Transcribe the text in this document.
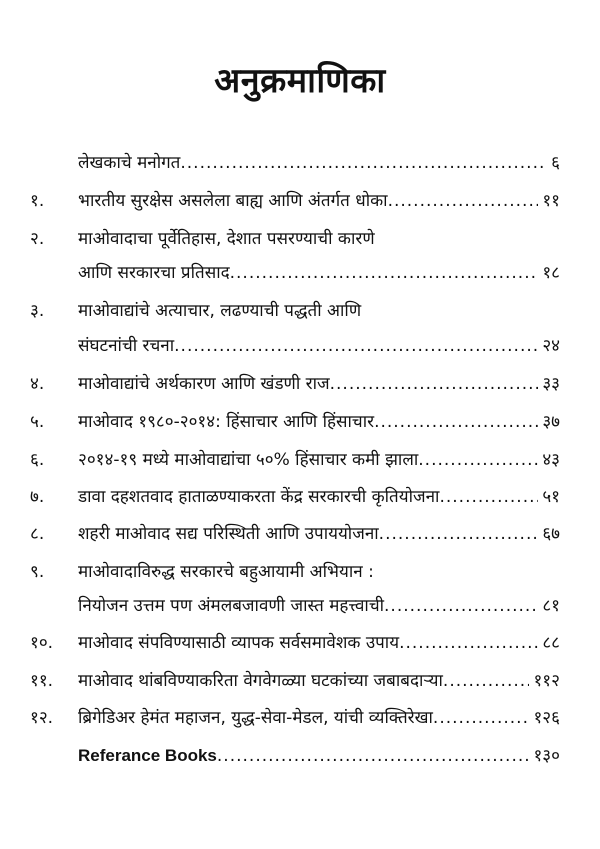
अनुक्रमाणिका
लेखकाचे मनोगत .....	६
१. भारतीय सुरक्षेस असलेला बाह्य आणि अंतर्गत धोका .....	११
२. माओवादाचा पूर्वेतिहास, देशात पसरण्याची कारणे
आणि सरकारचा प्रतिसाद .....	१८
३. माओवाद्यांचे अत्याचार, लढण्याची पद्धती आणि
संघटनांची रचना .....	२४
४. माओवाद्यांचे अर्थकारण आणि खंडणी राज .....	३३
५. माओवाद १९८०-२०१४: हिंसाचार आणि हिंसाचार .....	३७
६. २०१४-१९ मध्ये माओवाद्यांचा ५०% हिंसाचार कमी झाला .....	४३
७. डावा दहशतवाद हाताळण्याकरता केंद्र सरकारची कृतियोजना .....	५१
८. शहरी माओवाद सद्य परिस्थिती आणि उपाययोजना .....	६७
९. माओवादाविरुद्ध सरकारचे बहुआयामी अभियान :
नियोजन उत्तम पण अंमलबजावणी जास्त महत्त्वाची .....	८१
१०. माओवाद संपविण्यासाठी व्यापक सर्वसमावेशक उपाय .....	८८
११. माओवाद थांबविण्याकरिता वेगवेगळ्या घटकांच्या जबाबदाऱ्या .....	११२
१२. ब्रिगेडिअर हेमंत महाजन, युद्ध-सेवा-मेडल, यांची व्यक्तिरेखा .....	१२६
Referance Books .....	१३०
